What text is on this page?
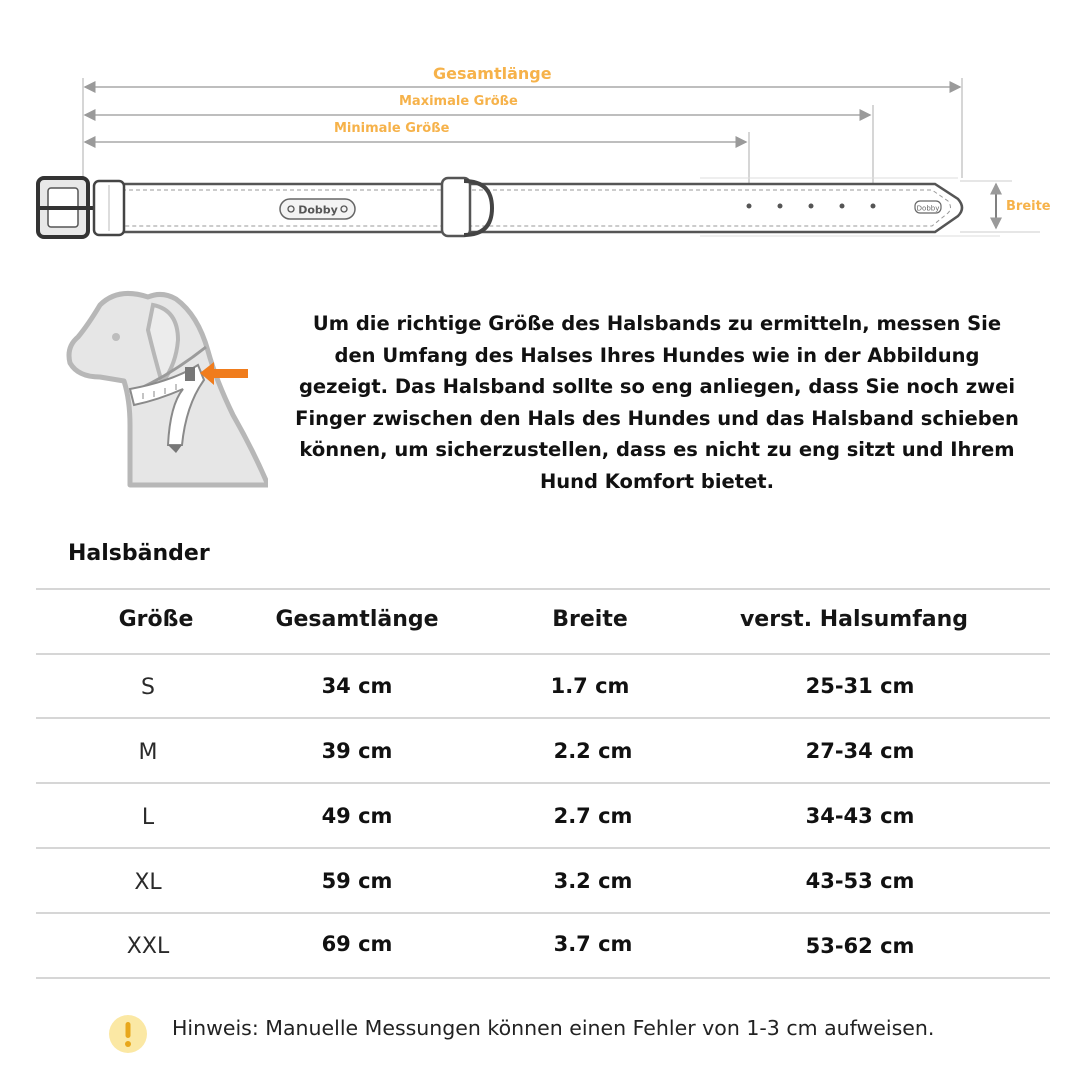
Dobby	Dobby
Gesamtlänge
Maximale Größe
Minimale Größe
Breite

Um die richtige Größe des Halsbands zu ermitteln, messen Sie den Umfang des Halses Ihres Hundes wie in der Abbildung gezeigt. Das Halsband sollte so eng anliegen, dass Sie noch zwei Finger zwischen den Hals des Hundes und das Halsband schieben können, um sicherzustellen, dass es nicht zu eng sitzt und Ihrem Hund Komfort bietet.

Halsbänder
Größe	Gesamtlänge	Breite	verst. Halsumfang
S	34 cm	1.7 cm	25-31 cm
M	39 cm	2.2 cm	27-34 cm
L	49 cm	2.7 cm	34-43 cm
XL	59 cm	3.2 cm	43-53 cm
XXL	69 cm	3.7 cm	53-62 cm
Hinweis: Manuelle Messungen können einen Fehler von 1-3 cm aufweisen.
